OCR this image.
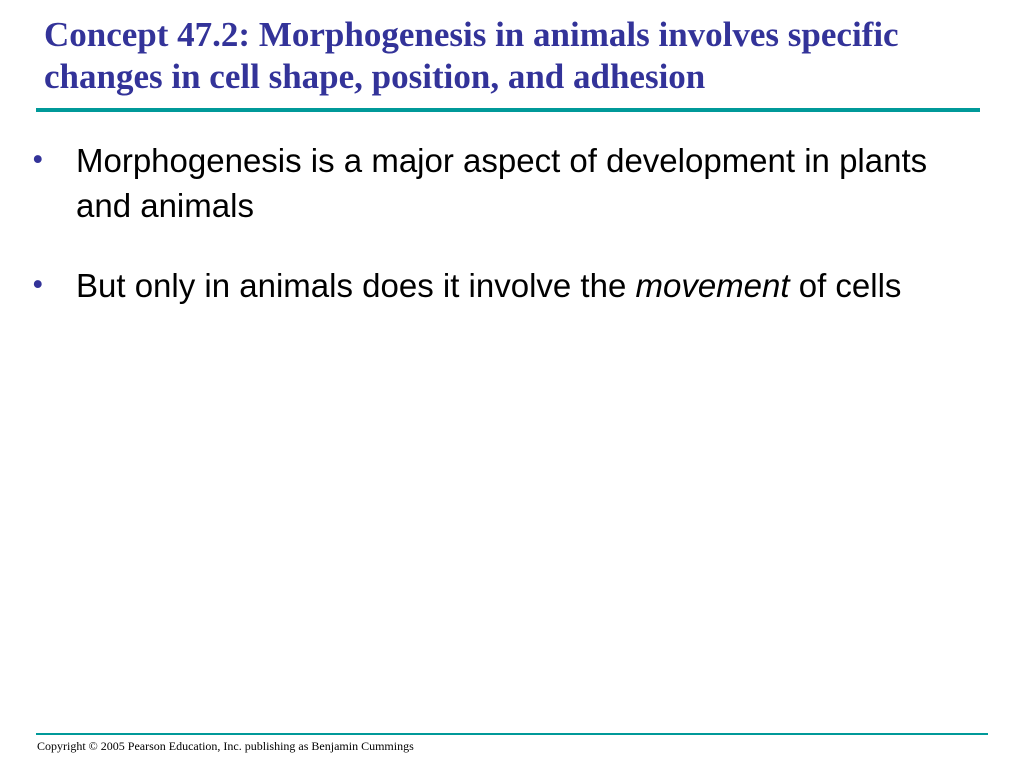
Concept 47.2: Morphogenesis in animals involves specific changes in cell shape, position, and adhesion
• Morphogenesis is a major aspect of development in plants and animals
• But only in animals does it involve the movement of cells

Copyright © 2005 Pearson Education, Inc. publishing as Benjamin Cummings
